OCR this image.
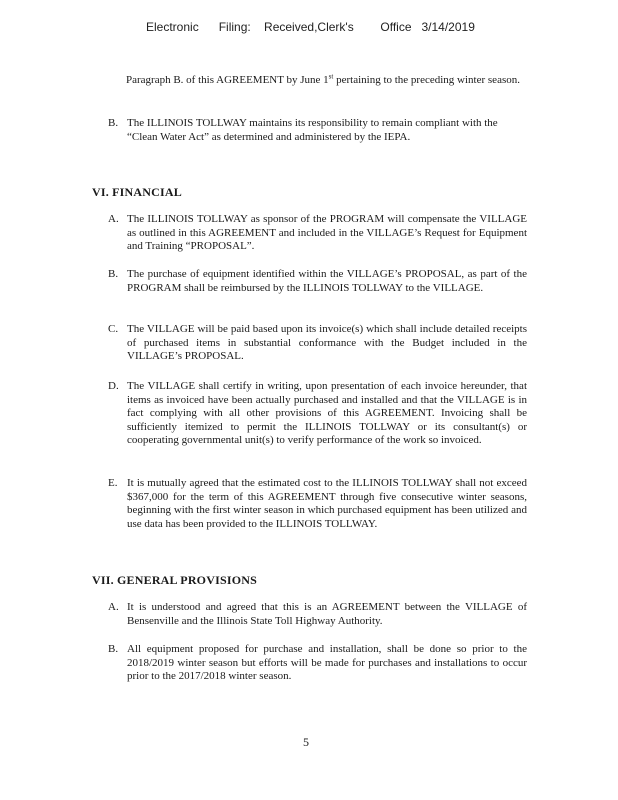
Electronic      Filing:    Received,Clerk's        Office   3/14/2019
Paragraph B. of this AGREEMENT by June 1st pertaining to the preceding winter season.
B. The ILLINOIS TOLLWAY maintains its responsibility to remain compliant with the “Clean Water Act” as determined and administered by the IEPA.
VI. FINANCIAL
A. The ILLINOIS TOLLWAY as sponsor of the PROGRAM will compensate the VILLAGE as outlined in this AGREEMENT and included in the VILLAGE’s Request for Equipment and Training “PROPOSAL”.
B. The purchase of equipment identified within the VILLAGE’s PROPOSAL, as part of the PROGRAM shall be reimbursed by the ILLINOIS TOLLWAY to the VILLAGE.
C. The VILLAGE will be paid based upon its invoice(s) which shall include detailed receipts of purchased items in substantial conformance with the Budget included in the VILLAGE’s PROPOSAL.
D. The VILLAGE shall certify in writing, upon presentation of each invoice hereunder, that items as invoiced have been actually purchased and installed and that the VILLAGE is in fact complying with all other provisions of this AGREEMENT. Invoicing shall be sufficiently itemized to permit the ILLINOIS TOLLWAY or its consultant(s) or cooperating governmental unit(s) to verify performance of the work so invoiced.
E. It is mutually agreed that the estimated cost to the ILLINOIS TOLLWAY shall not exceed $367,000 for the term of this AGREEMENT through five consecutive winter seasons, beginning with the first winter season in which purchased equipment has been utilized and use data has been provided to the ILLINOIS TOLLWAY.
VII. GENERAL PROVISIONS
A. It is understood and agreed that this is an AGREEMENT between the VILLAGE of Bensenville and the Illinois State Toll Highway Authority.
B. All equipment proposed for purchase and installation, shall be done so prior to the 2018/2019 winter season but efforts will be made for purchases and installations to occur prior to the 2017/2018 winter season.
5
